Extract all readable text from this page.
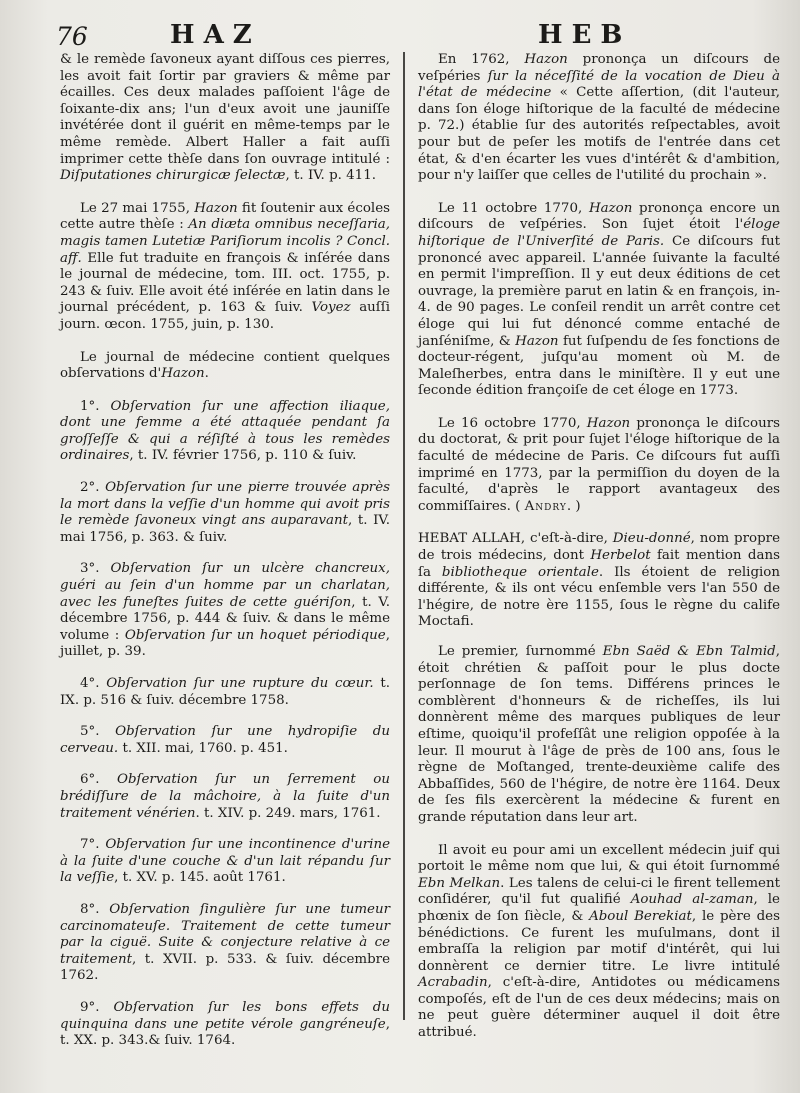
76	HAZ	HEB

& le remède ſavoneux ayant diſſous ces pierres, les avoit fait ſortir par graviers & même par écailles. Ces deux malades paſſoient l'âge de ſoixante-dix ans; l'un d'eux avoit une jauniſſe invétérée dont il guérit en même-temps par le même remède. Albert Haller a fait auſſi imprimer cette thèſe dans ſon ouvrage intitulé : Diſputationes chirurgicæ ſelectæ, t. IV. p. 411.

Le 27 mai 1755, Hazon fit ſoutenir aux écoles cette autre thèſe : An diæta omnibus neceſſaria, magis tamen Lutetiæ Pariſiorum incolis ? Concl. aff. Elle fut traduite en françois & inſérée dans le journal de médecine, tom. III. oct. 1755, p. 243 & ſuiv. Elle avoit été inſérée en latin dans le journal précédent, p. 163 & ſuiv. Voyez auſſi journ. œcon. 1755, juin, p. 130.

Le journal de médecine contient quelques obſervations d'Hazon.

1°. Obſervation ſur une affection iliaque, dont une femme a été attaquée pendant ſa groſſeſſe & qui a réſiſté à tous les remèdes ordinaires, t. IV. février 1756, p. 110 & ſuiv.

2°. Obſervation ſur une pierre trouvée après la mort dans la veſſie d'un homme qui avoit pris le remède ſavoneux vingt ans auparavant, t. IV. mai 1756, p. 363. & ſuiv.

3°. Obſervation ſur un ulcère chancreux, guéri au ſein d'un homme par un charlatan, avec les funeſtes ſuites de cette guériſon, t. V. décembre 1756, p. 444 & ſuiv. & dans le même volume : Obſervation ſur un hoquet périodique, juillet, p. 39.

4°. Obſervation ſur une rupture du cœur. t. IX. p. 516 & ſuiv. décembre 1758.

5°. Obſervation ſur une hydropiſie du cerveau. t. XII. mai, 1760. p. 451.

6°. Obſervation ſur un ſerrement ou brédiſſure de la mâchoire, à la ſuite d'un traitement vénérien. t. XIV. p. 249. mars, 1761.

7°. Obſervation ſur une incontinence d'urine à la ſuite d'une couche & d'un lait répandu ſur la veſſie, t. XV. p. 145. août 1761.

8°. Obſervation ſingulière ſur une tumeur carcinomateuſe. Traitement de cette tumeur par la ciguë. Suite & conjecture relative à ce traitement, t. XVII. p. 533. & ſuiv. décembre 1762.

9°. Obſervation ſur les bons effets du quinquina dans une petite vérole gangréneuſe, t. XX. p. 343.& ſuiv. 1764.

En 1762, Hazon prononça un diſcours de veſpéries ſur la néceſſité de la vocation de Dieu à l'état de médecine « Cette aſſertion, (dit l'auteur, dans ſon éloge hiſtorique de la faculté de médecine p. 72.) établie ſur des autorités reſpectables, avoit pour but de peſer les motifs de l'entrée dans cet état, & d'en écarter les vues d'intérêt & d'ambition, pour n'y laiſſer que celles de l'utilité du prochain ».

Le 11 octobre 1770, Hazon prononça encore un diſcours de veſpéries. Son ſujet étoit l'éloge hiſtorique de l'Univerſité de Paris. Ce diſcours fut prononcé avec appareil. L'année ſuivante la faculté en permit l'impreſſion. Il y eut deux éditions de cet ouvrage, la première parut en latin & en françois, in-4. de 90 pages. Le conſeil rendit un arrêt contre cet éloge qui lui fut dénoncé comme entaché de janſéniſme, & Hazon fut ſuſpendu de ſes fonctions de docteur-régent, juſqu'au moment où M. de Maleſherbes, entra dans le miniſtère. Il y eut une ſeconde édition françoiſe de cet éloge en 1773.

Le 16 octobre 1770, Hazon prononça le diſcours du doctorat, & prit pour ſujet l'éloge hiſtorique de la faculté de médecine de Paris. Ce diſcours fut auſſi imprimé en 1773, par la permiſſion du doyen de la faculté, d'après le rapport avantageux des commiſſaires. ( Andry. )

HEBAT ALLAH, c'eſt-à-dire, Dieu-donné, nom propre de trois médecins, dont Herbelot fait mention dans ſa bibliotheque orientale. Ils étoient de religion différente, & ils ont vécu enſemble vers l'an 550 de l'hégire, de notre ère 1155, ſous le règne du calife Moctafi.

Le premier, ſurnommé Ebn Saëd & Ebn Talmid, étoit chrétien & paſſoit pour le plus docte perſonnage de ſon tems. Différens princes le comblèrent d'honneurs & de richeſſes, ils lui donnèrent même des marques publiques de leur eſtime, quoiqu'il profeſſât une religion oppoſée à la leur. Il mourut à l'âge de près de 100 ans, ſous le règne de Moſtanged, trente-deuxième calife des Abbaſſides, 560 de l'hégire, de notre ère 1164. Deux de ſes fils exercèrent la médecine & furent en grande réputation dans leur art.

Il avoit eu pour ami un excellent médecin juif qui portoit le même nom que lui, & qui étoit ſurnommé Ebn Melkan. Les talens de celui-ci le firent tellement conſidérer, qu'il fut qualifié Aouhad al-zaman, le phœnix de ſon ſiècle, & Aboul Berekiat, le père des bénédictions. Ce furent les muſulmans, dont il embraſſa la religion par motif d'intérêt, qui lui donnèrent ce dernier titre. Le livre intitulé Acrabadin, c'eſt-à-dire, Antidotes ou médicamens compoſés, eſt de l'un de ces deux médecins; mais on ne peut guère déterminer auquel il doit être attribué.
